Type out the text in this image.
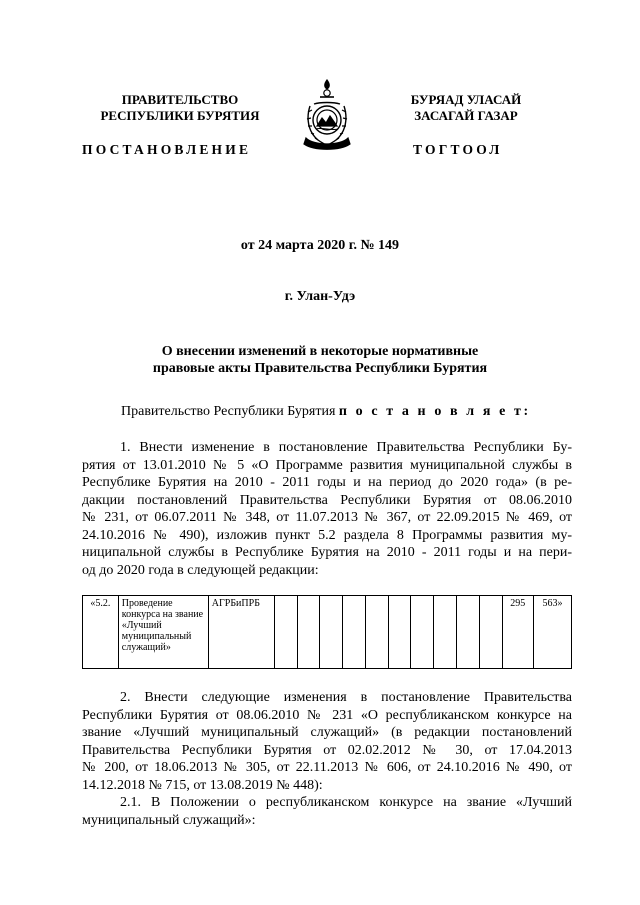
ПРАВИТЕЛЬСТВО
РЕСПУБЛИКИ БУРЯТИЯ
ПОСТАНОВЛЕНИЕ
БУРЯАД УЛАСАЙ
ЗАСАГАЙ ГАЗАР
ТОГТООЛ
от 24 марта 2020 г. № 149
г. Улан-Удэ
О внесении изменений в некоторые нормативные
правовые акты Правительства Республики Бурятия
Правительство Республики Бурятия п о с т а н о в л я е т:
1. Внести изменение в постановление Правительства Республики Бу-
рятия от 13.01.2010 № 5 «О Программе развития муниципальной службы в
Республике Бурятия на 2010 - 2011 годы и на период до 2020 года» (в ре-
дакции постановлений Правительства Республики Бурятия от 08.06.2010
№ 231, от 06.07.2011 № 348, от 11.07.2013 № 367, от 22.09.2015 № 469, от
24.10.2016 № 490), изложив пункт 5.2 раздела 8 Программы развития му-
ниципальной службы в Республике Бурятия на 2010 - 2011 годы и на пери-
од до 2020 года в следующей редакции:
«5.2.	Проведение конкурса на звание «Лучший муниципальный служащий»	АГРБиПРБ											295	563»
2. Внести следующие изменения в постановление Правительства
Республики Бурятия от 08.06.2010 № 231 «О республиканском конкурсе на
звание «Лучший муниципальный служащий» (в редакции постановлений
Правительства Республики Бурятия от 02.02.2012 № 30, от 17.04.2013
№ 200, от 18.06.2013 № 305, от 22.11.2013 № 606, от 24.10.2016 № 490, от
14.12.2018 № 715, от 13.08.2019 № 448):
2.1. В Положении о республиканском конкурсе на звание «Лучший
муниципальный служащий»:
